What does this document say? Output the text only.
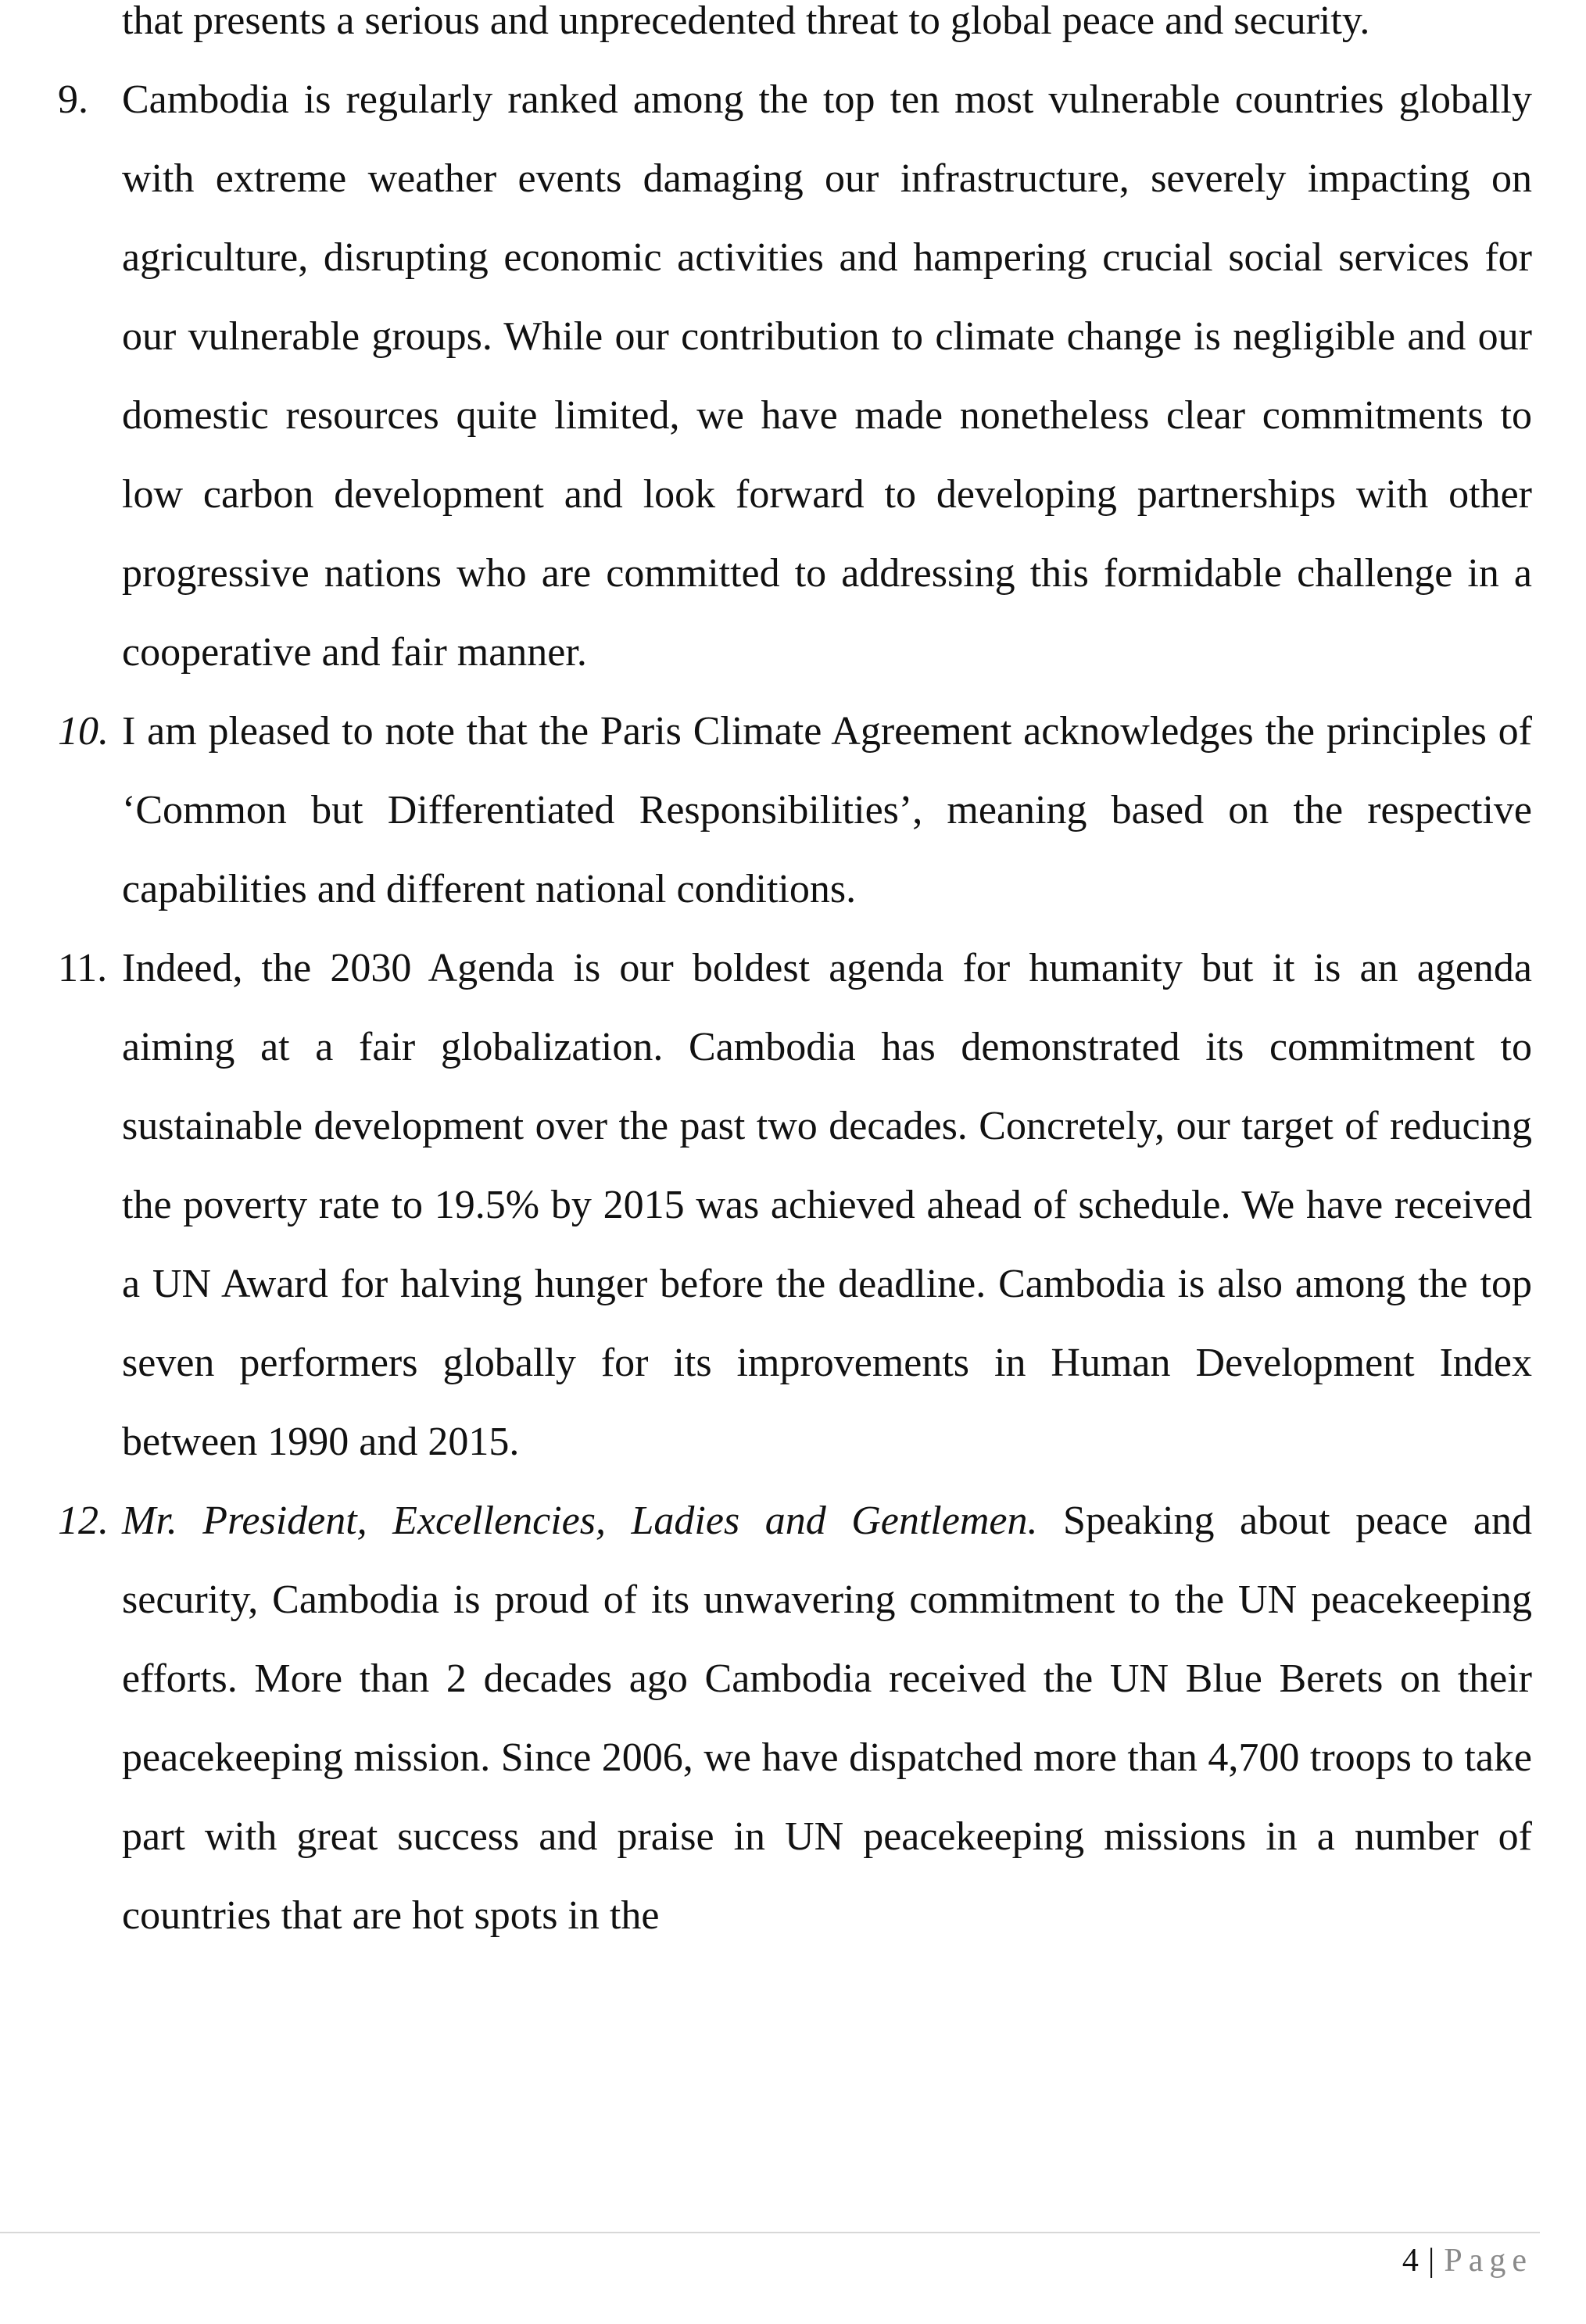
that presents a serious and unprecedented threat to global peace and security.

9. Cambodia is regularly ranked among the top ten most vulnerable countries globally with extreme weather events damaging our infrastructure, severely impacting on agriculture, disrupting economic activities and hampering crucial social services for our vulnerable groups. While our contribution to climate change is negligible and our domestic resources quite limited, we have made nonetheless clear commitments to low carbon development and look forward to developing partnerships with other progressive nations who are committed to addressing this formidable challenge in a cooperative and fair manner.

10. I am pleased to note that the Paris Climate Agreement acknowledges the principles of ‘Common but Differentiated Responsibilities’, meaning based on the respective capabilities and different national conditions.

11. Indeed, the 2030 Agenda is our boldest agenda for humanity but it is an agenda aiming at a fair globalization. Cambodia has demonstrated its commitment to sustainable development over the past two decades. Concretely, our target of reducing the poverty rate to 19.5% by 2015 was achieved ahead of schedule. We have received a UN Award for halving hunger before the deadline. Cambodia is also among the top seven performers globally for its improvements in Human Development Index between 1990 and 2015.

12. Mr. President, Excellencies, Ladies and Gentlemen. Speaking about peace and security, Cambodia is proud of its unwavering commitment to the UN peacekeeping efforts. More than 2 decades ago Cambodia received the UN Blue Berets on their peacekeeping mission. Since 2006, we have dispatched more than 4,700 troops to take part with great success and praise in UN peacekeeping missions in a number of countries that are hot spots in the

4 | Page
